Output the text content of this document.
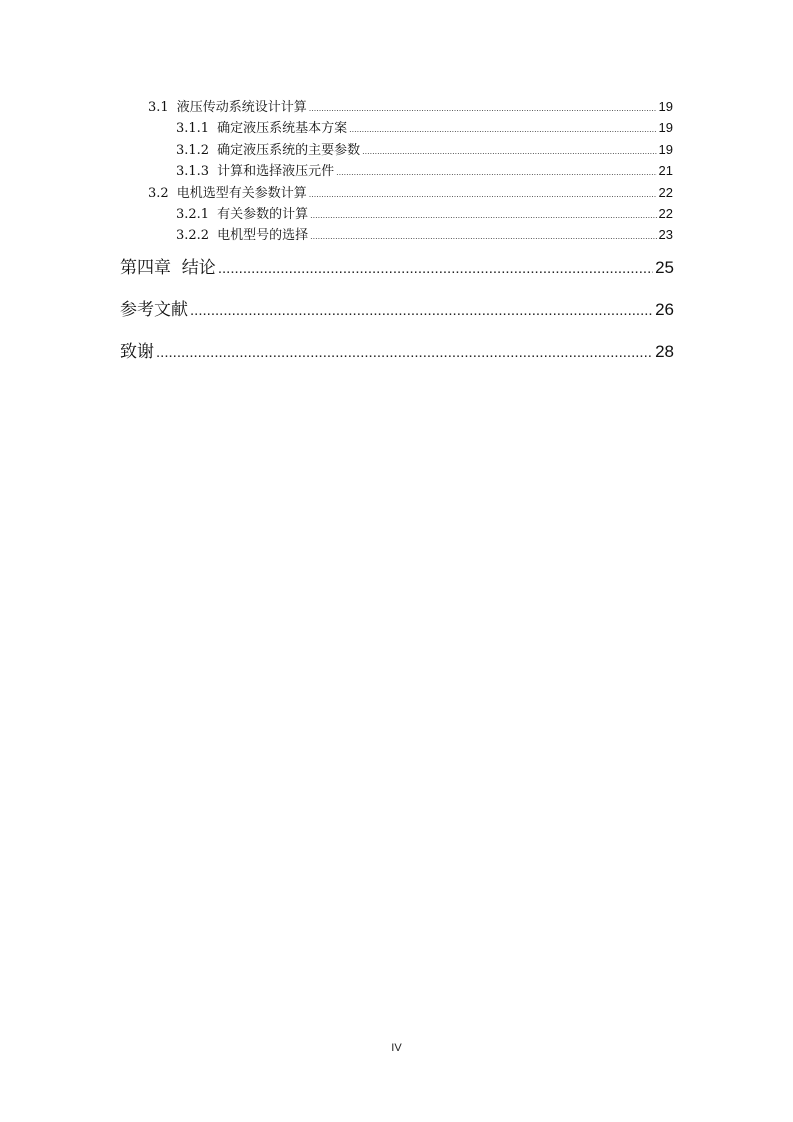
3.1 液压传动系统设计计算 .....	19
3.1.1 确定液压系统基本方案 .....	19
3.1.2 确定液压系统的主要参数 .....	19
3.1.3 计算和选择液压元件 .....	21
3.2 电机选型有关参数计算 .....	22
3.2.1 有关参数的计算 .....	22
3.2.2 电机型号的选择 .....	23
第四章  结论 .....	25
参考文献 .....	26
致谢 .....	28
IV
